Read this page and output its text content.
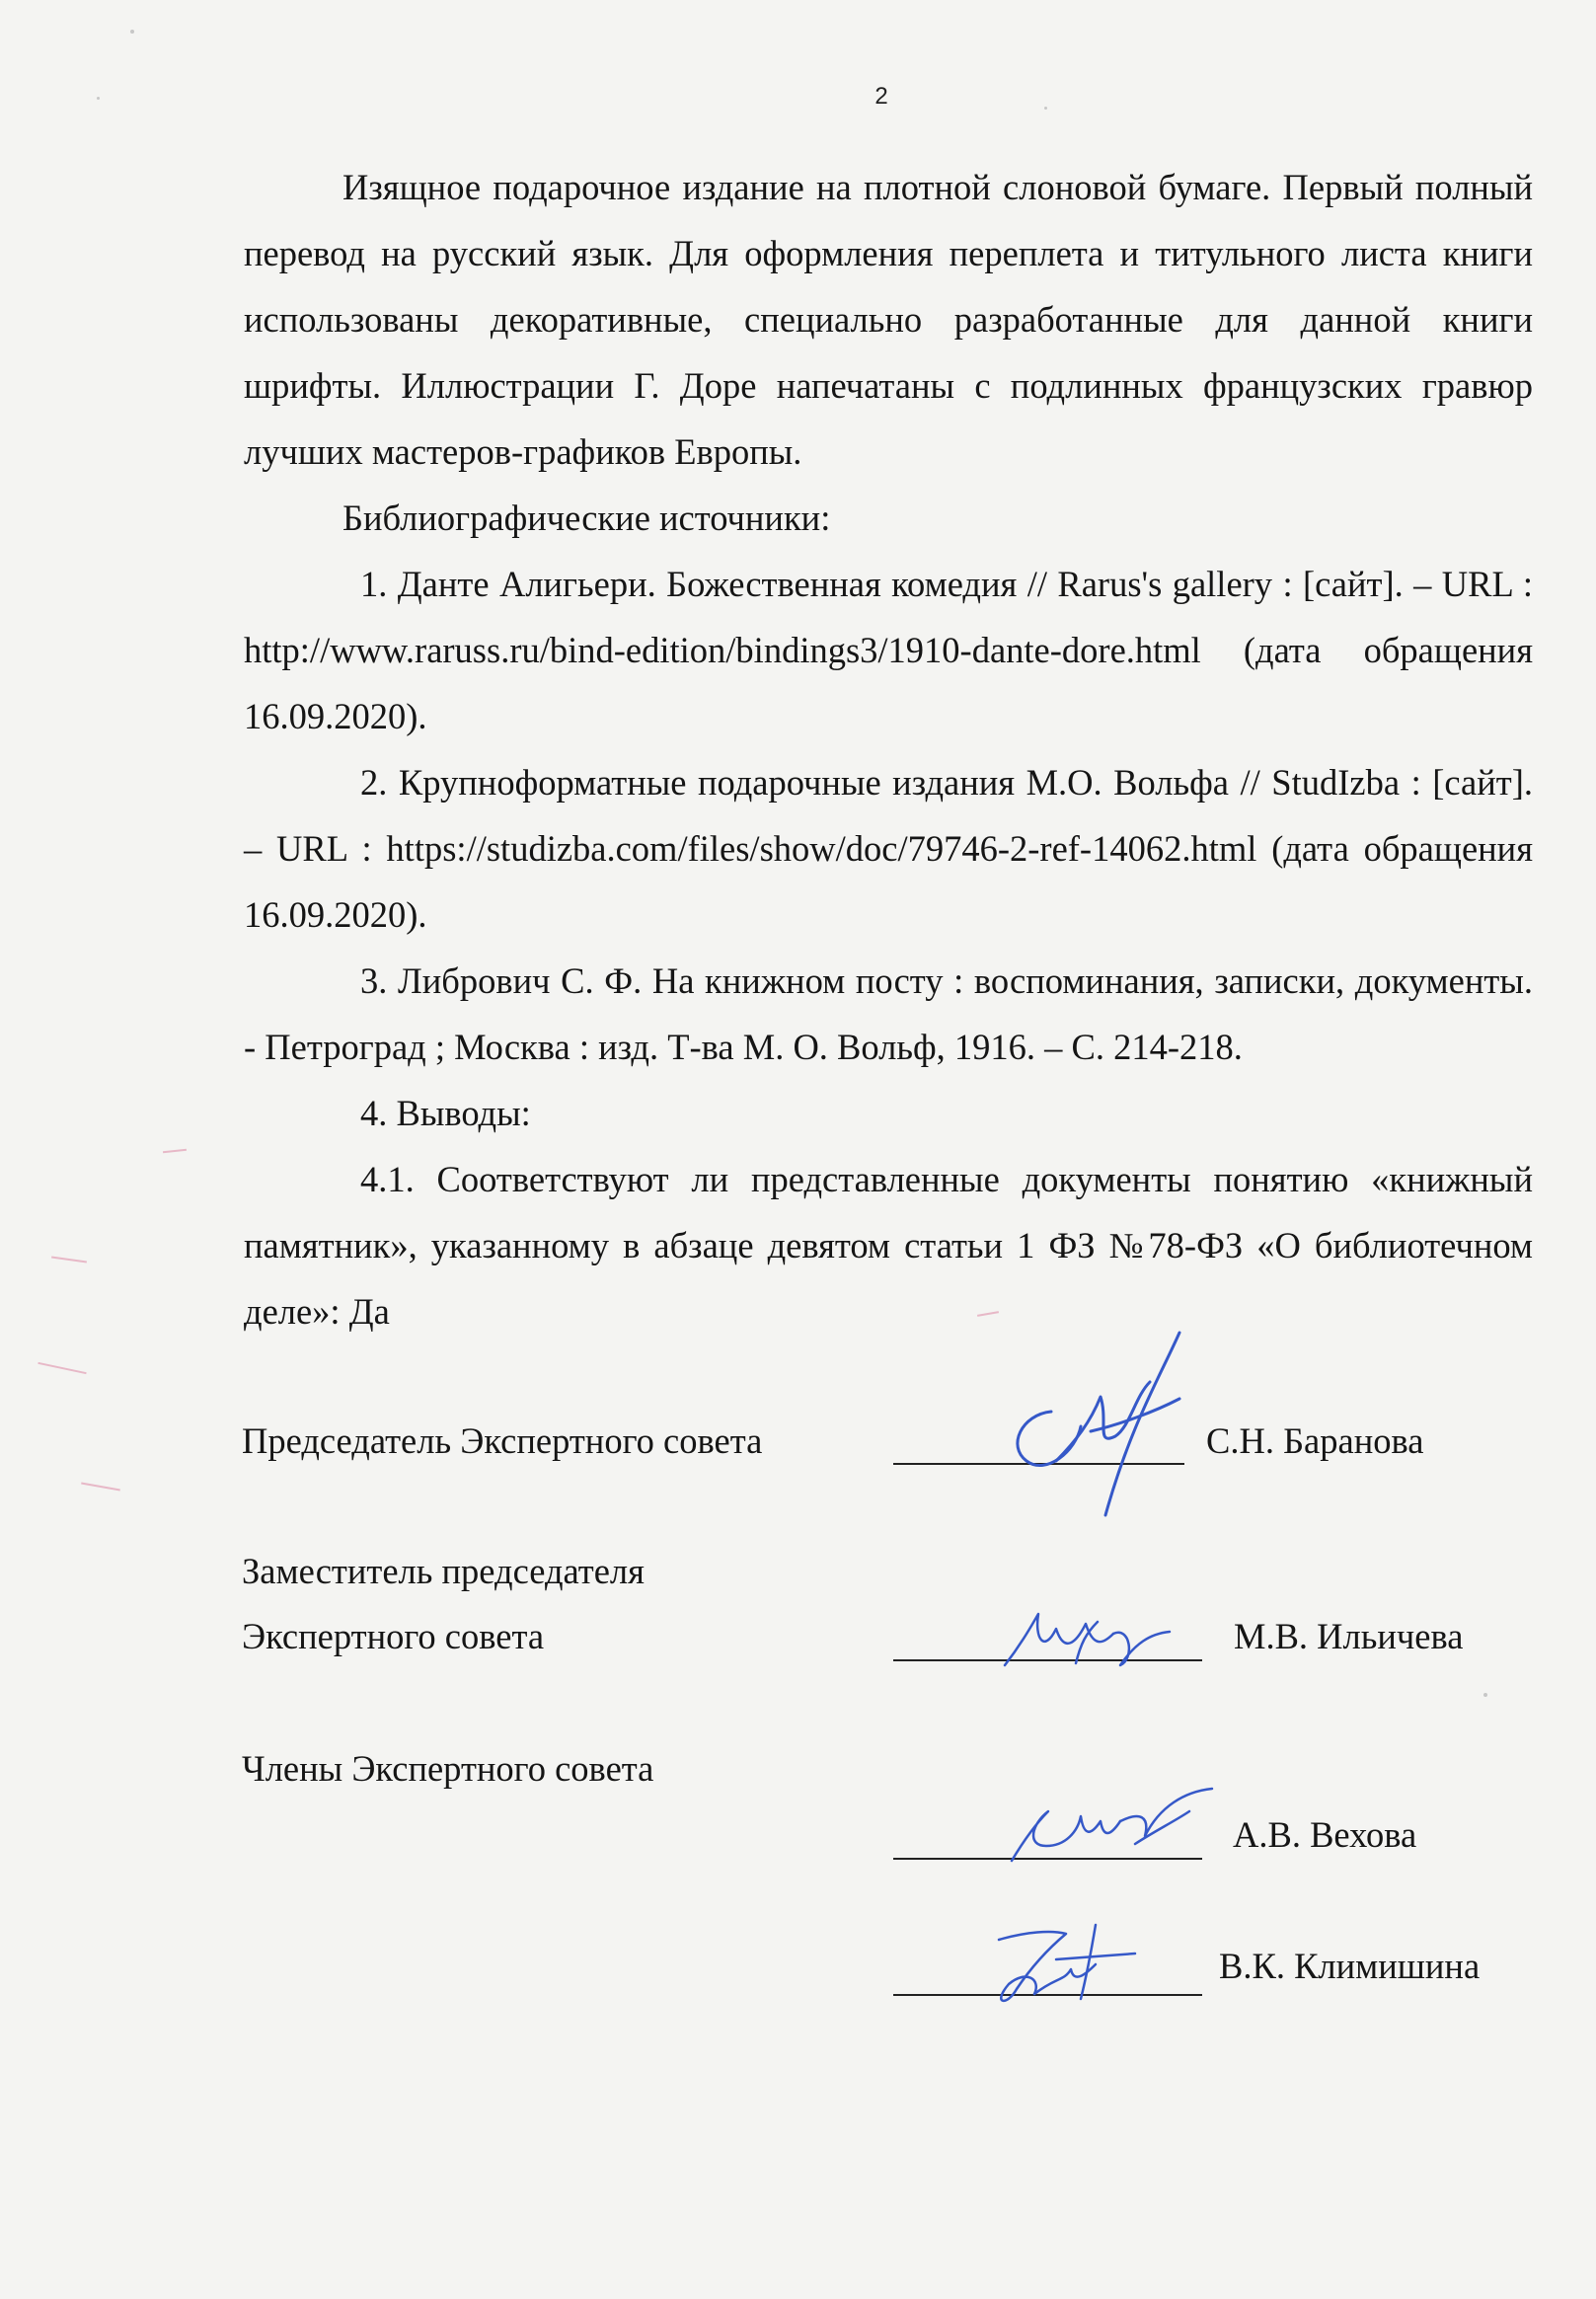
2

Изящное подарочное издание на плотной слоновой бумаге. Первый полный перевод на русский язык. Для оформления переплета и титульного листа книги использованы декоративные, специально разработанные для данной книги шрифты. Иллюстрации Г. Доре напечатаны с подлинных французских гравюр лучших мастеров-графиков Европы.

Библиографические источники:

1. Данте Алигьери. Божественная комедия // Rarus's gallery : [сайт]. – URL : http://www.raruss.ru/bind-edition/bindings3/1910-dante-dore.html (дата обращения 16.09.2020).

2. Крупноформатные подарочные издания М.О. Вольфа // StudIzba : [сайт]. – URL : https://studizba.com/files/show/doc/79746-2-ref-14062.html (дата обращения 16.09.2020).

3. Либрович С. Ф. На книжном посту : воспоминания, записки, документы. - Петроград ; Москва : изд. Т-ва М. О. Вольф, 1916. – С. 214-218.

4. Выводы:

4.1. Соответствуют ли представленные документы понятию «книжный памятник», указанному в абзаце девятом статьи 1 ФЗ №78-ФЗ «О библиотечном деле»: Да

Председатель Экспертного совета	С.Н. Баранова
Заместитель председателя
Экспертного совета	М.В. Ильичева
Члены Экспертного совета
А.В. Вехова
В.К. Климишина
